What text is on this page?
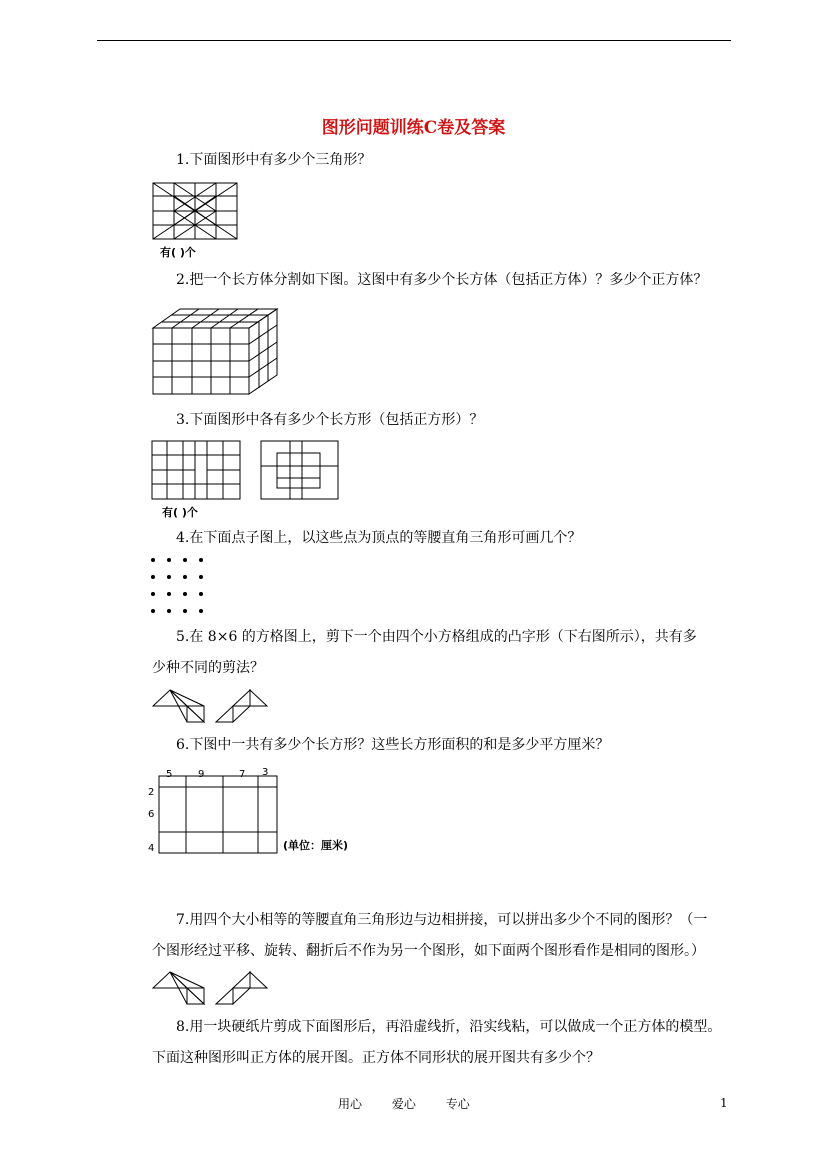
图形问题训练C卷及答案
1.下面图形中有多少个三角形？
有( )个
2.把一个长方体分割如下图。这图中有多少个长方体（包括正方体）？多少个正方体？
3.下面图形中各有多少个长方形（包括正方形）？
有( )个
4.在下面点子图上，以这些点为顶点的等腰直角三角形可画几个？
5.在 8×6 的方格图上，剪下一个由四个小方格组成的凸字形（下右图所示），共有多
少种不同的剪法？
6.下图中一共有多少个长方形？这些长方形面积的和是多少平方厘米？
5	9	7 3
2
6
4	(单位：厘米)
7.用四个大小相等的等腰直角三角形边与边相拼接，可以拼出多少个不同的图形？（一
个图形经过平移、旋转、翻折后不作为另一个图形，如下面两个图形看作是相同的图形。）
8.用一块硬纸片剪成下面图形后，再沿虚线折，沿实线粘，可以做成一个正方体的模型。
下面这种图形叫正方体的展开图。正方体不同形状的展开图共有多少个？
用心 爱心 专心	1
